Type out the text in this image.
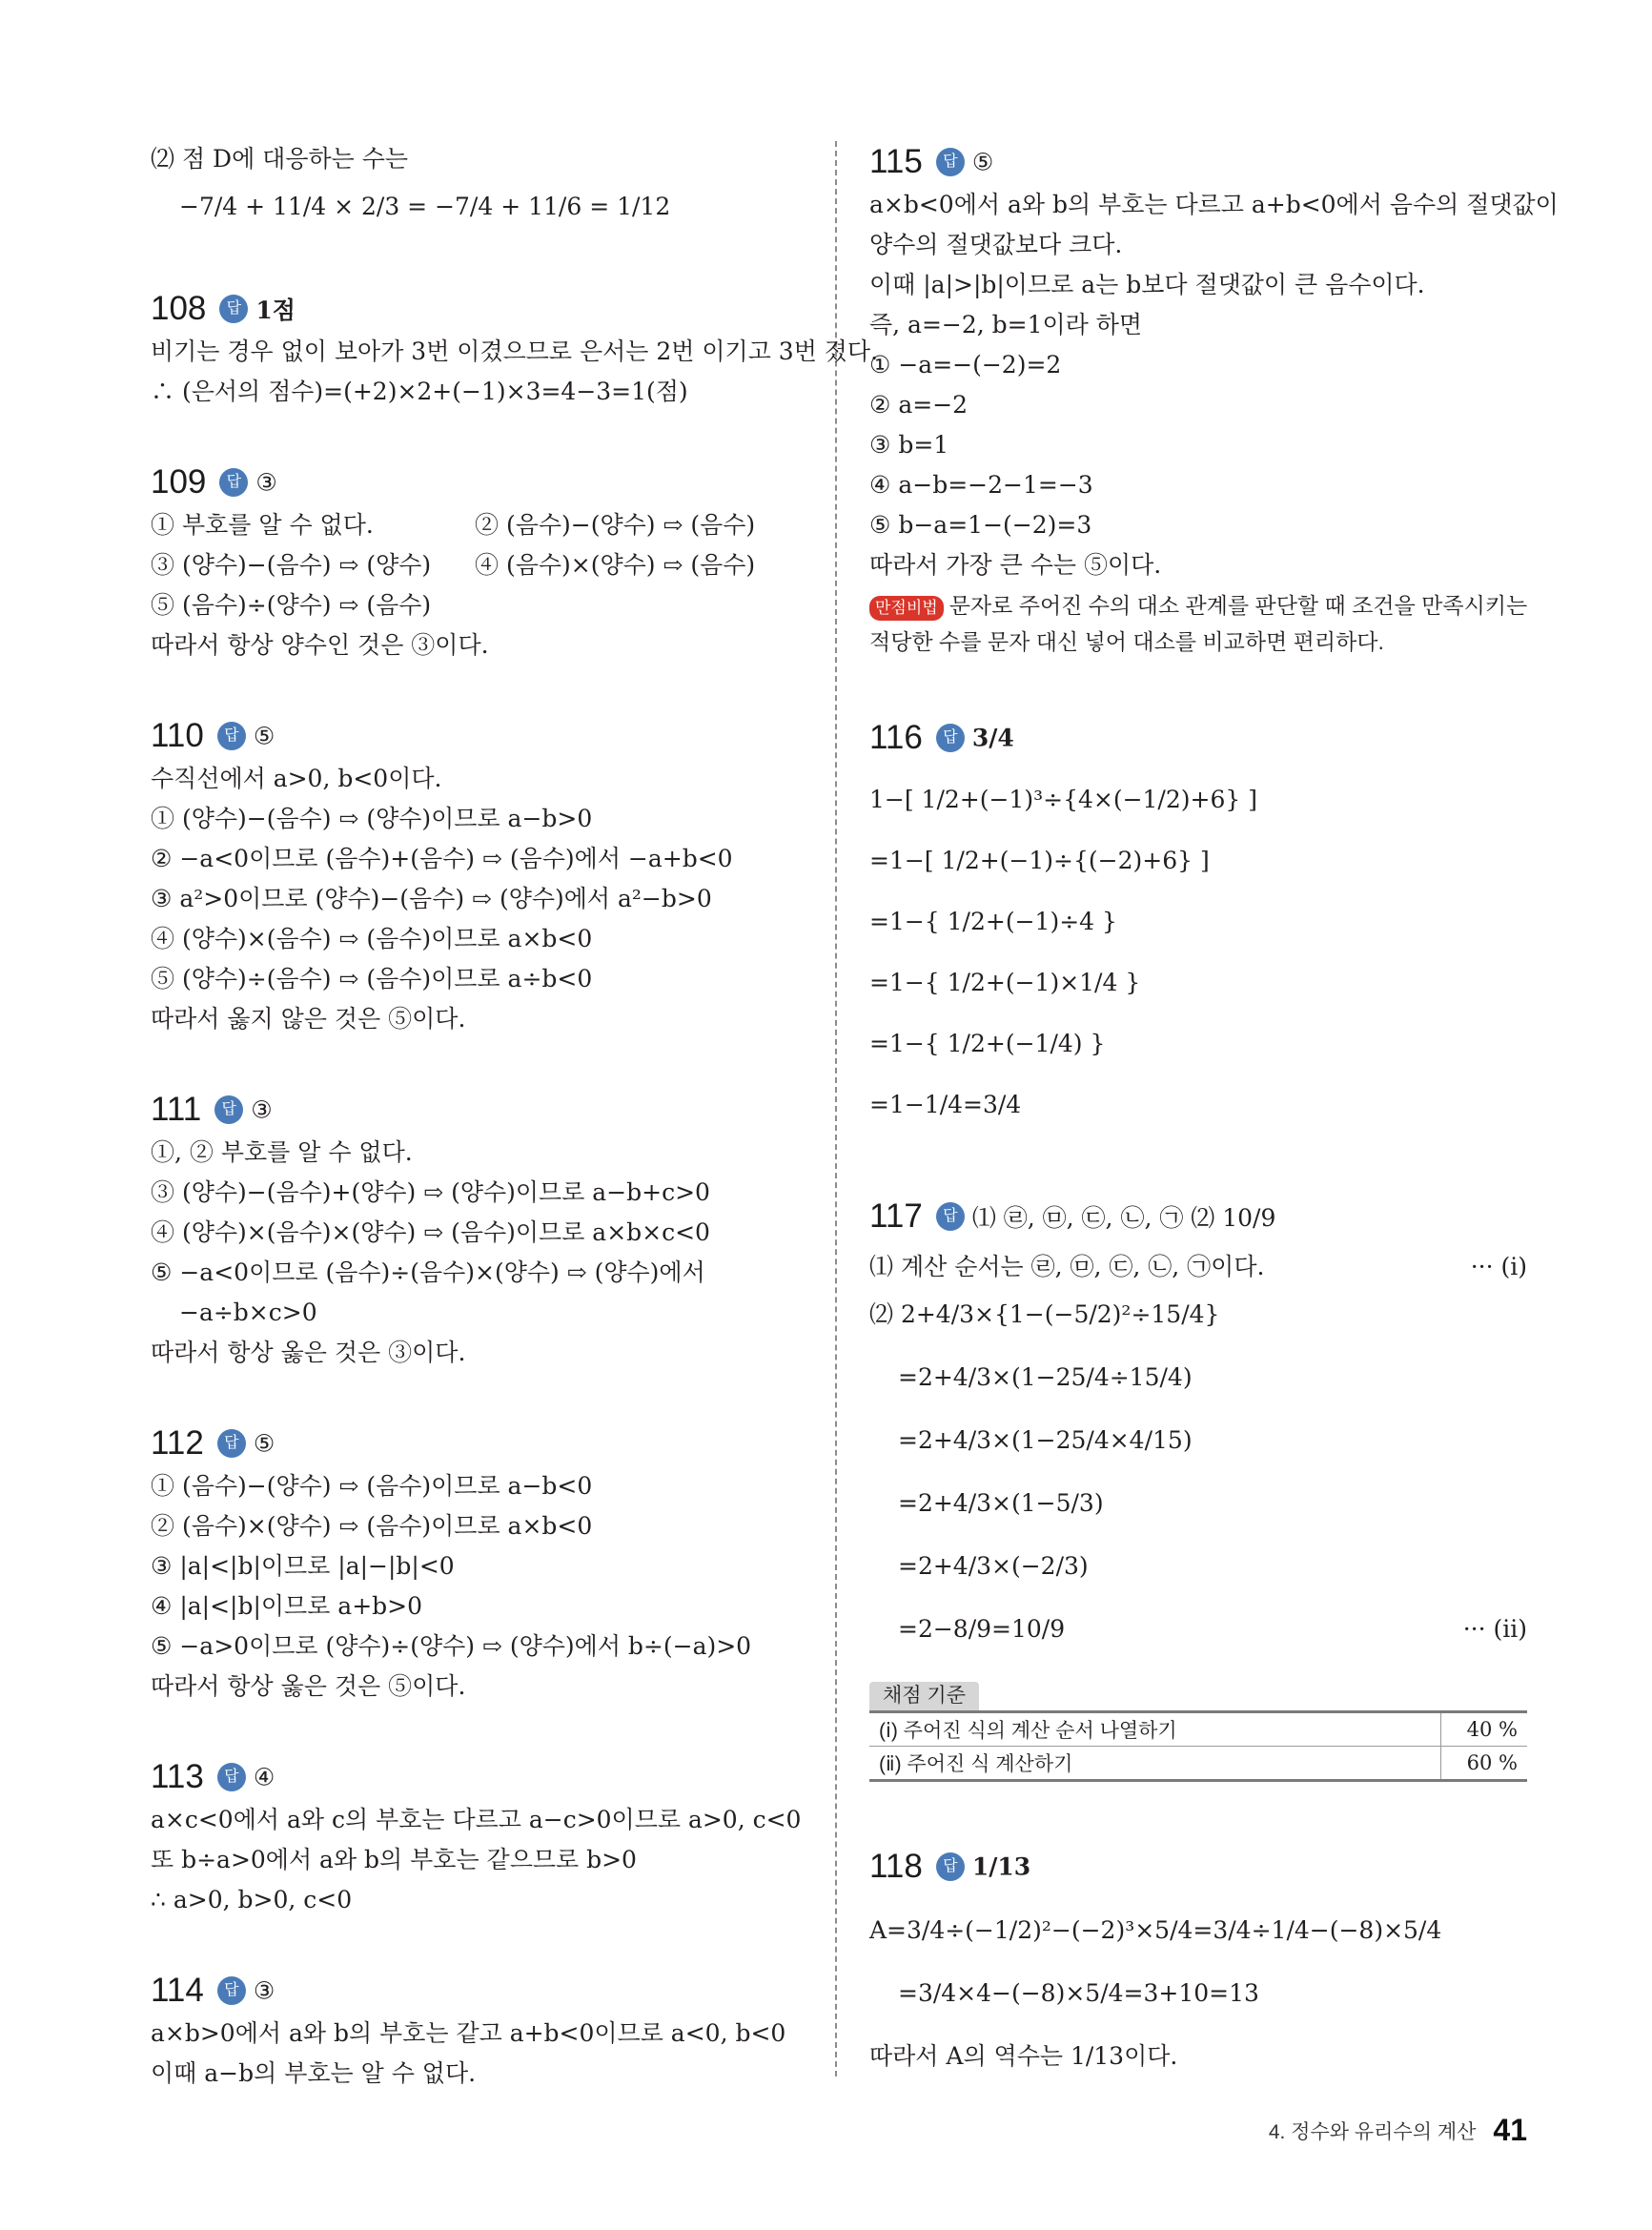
⑵ 점 D에 대응하는 수는
−7/4 + 11/4 × 2/3 = −7/4 + 11/6 = 1/12
108 답 1점
비기는 경우 없이 보아가 3번 이겼으므로 은서는 2번 이기고 3번 졌다.
∴ (은서의 점수)=(+2)×2+(−1)×3=4−3=1(점)
109 답 ③
① 부호를 알 수 없다.	② (음수)−(양수) ⇨ (음수)
③ (양수)−(음수) ⇨ (양수) ④ (음수)×(양수) ⇨ (음수)
⑤ (음수)÷(양수) ⇨ (음수)
따라서 항상 양수인 것은 ③이다.
110 답 ⑤
수직선에서 a>0, b<0이다.
① (양수)−(음수) ⇨ (양수)이므로 a−b>0
② −a<0이므로 (음수)+(음수) ⇨ (음수)에서 −a+b<0
③ a²>0이므로 (양수)−(음수) ⇨ (양수)에서 a²−b>0
④ (양수)×(음수) ⇨ (음수)이므로 a×b<0
⑤ (양수)÷(음수) ⇨ (음수)이므로 a÷b<0
따라서 옳지 않은 것은 ⑤이다.
111 답 ③
①, ② 부호를 알 수 없다.
③ (양수)−(음수)+(양수) ⇨ (양수)이므로 a−b+c>0
④ (양수)×(음수)×(양수) ⇨ (음수)이므로 a×b×c<0
⑤ −a<0이므로 (음수)÷(음수)×(양수) ⇨ (양수)에서
−a÷b×c>0
따라서 항상 옳은 것은 ③이다.
112 답 ⑤
① (음수)−(양수) ⇨ (음수)이므로 a−b<0
② (음수)×(양수) ⇨ (음수)이므로 a×b<0
③ |a|<|b|이므로 |a|−|b|<0
④ |a|<|b|이므로 a+b>0
⑤ −a>0이므로 (양수)÷(양수) ⇨ (양수)에서 b÷(−a)>0
따라서 항상 옳은 것은 ⑤이다.
113 답 ④
a×c<0에서 a와 c의 부호는 다르고 a−c>0이므로 a>0, c<0
또 b÷a>0에서 a와 b의 부호는 같으므로 b>0
∴ a>0, b>0, c<0
114 답 ③
a×b>0에서 a와 b의 부호는 같고 a+b<0이므로 a<0, b<0
이때 a−b의 부호는 알 수 없다.
115 답 ⑤
a×b<0에서 a와 b의 부호는 다르고 a+b<0에서 음수의 절댓값이
양수의 절댓값보다 크다.
이때 |a|>|b|이므로 a는 b보다 절댓값이 큰 음수이다.
즉, a=−2, b=1이라 하면
① −a=−(−2)=2
② a=−2
③ b=1
④ a−b=−2−1=−3
⑤ b−a=1−(−2)=3
따라서 가장 큰 수는 ⑤이다.
만점비법 문자로 주어진 수의 대소 관계를 판단할 때 조건을 만족시키는
적당한 수를 문자 대신 넣어 대소를 비교하면 편리하다.
116 답 3/4
1−[ 1/2+(−1)³÷{4×(−1/2)+6} ]
=1−[ 1/2+(−1)÷{(−2)+6} ]
=1−{ 1/2+(−1)÷4 }
=1−{ 1/2+(−1)×1/4 }
=1−{ 1/2+(−1/4) }
=1−1/4=3/4
117 답 ⑴ ㉣, ㉤, ㉢, ㉡, ㉠ ⑵ 10/9
⑴ 계산 순서는 ㉣, ㉤, ㉢, ㉡, ㉠이다.	··· (ⅰ)
⑵ 2+4/3×{1−(−5/2)²÷15/4}
=2+4/3×(1−25/4÷15/4)
=2+4/3×(1−25/4×4/15)
=2+4/3×(1−5/3)
=2+4/3×(−2/3)
=2−8/9=10/9	··· (ⅱ)
채점 기준
(ⅰ) 주어진 식의 계산 순서 나열하기	40 %
(ⅱ) 주어진 식 계산하기	60 %
118 답 1/13
A=3/4÷(−1/2)²−(−2)³×5/4=3/4÷1/4−(−8)×5/4
=3/4×4−(−8)×5/4=3+10=13
따라서 A의 역수는 1/13이다.
4. 정수와 유리수의 계산 41
